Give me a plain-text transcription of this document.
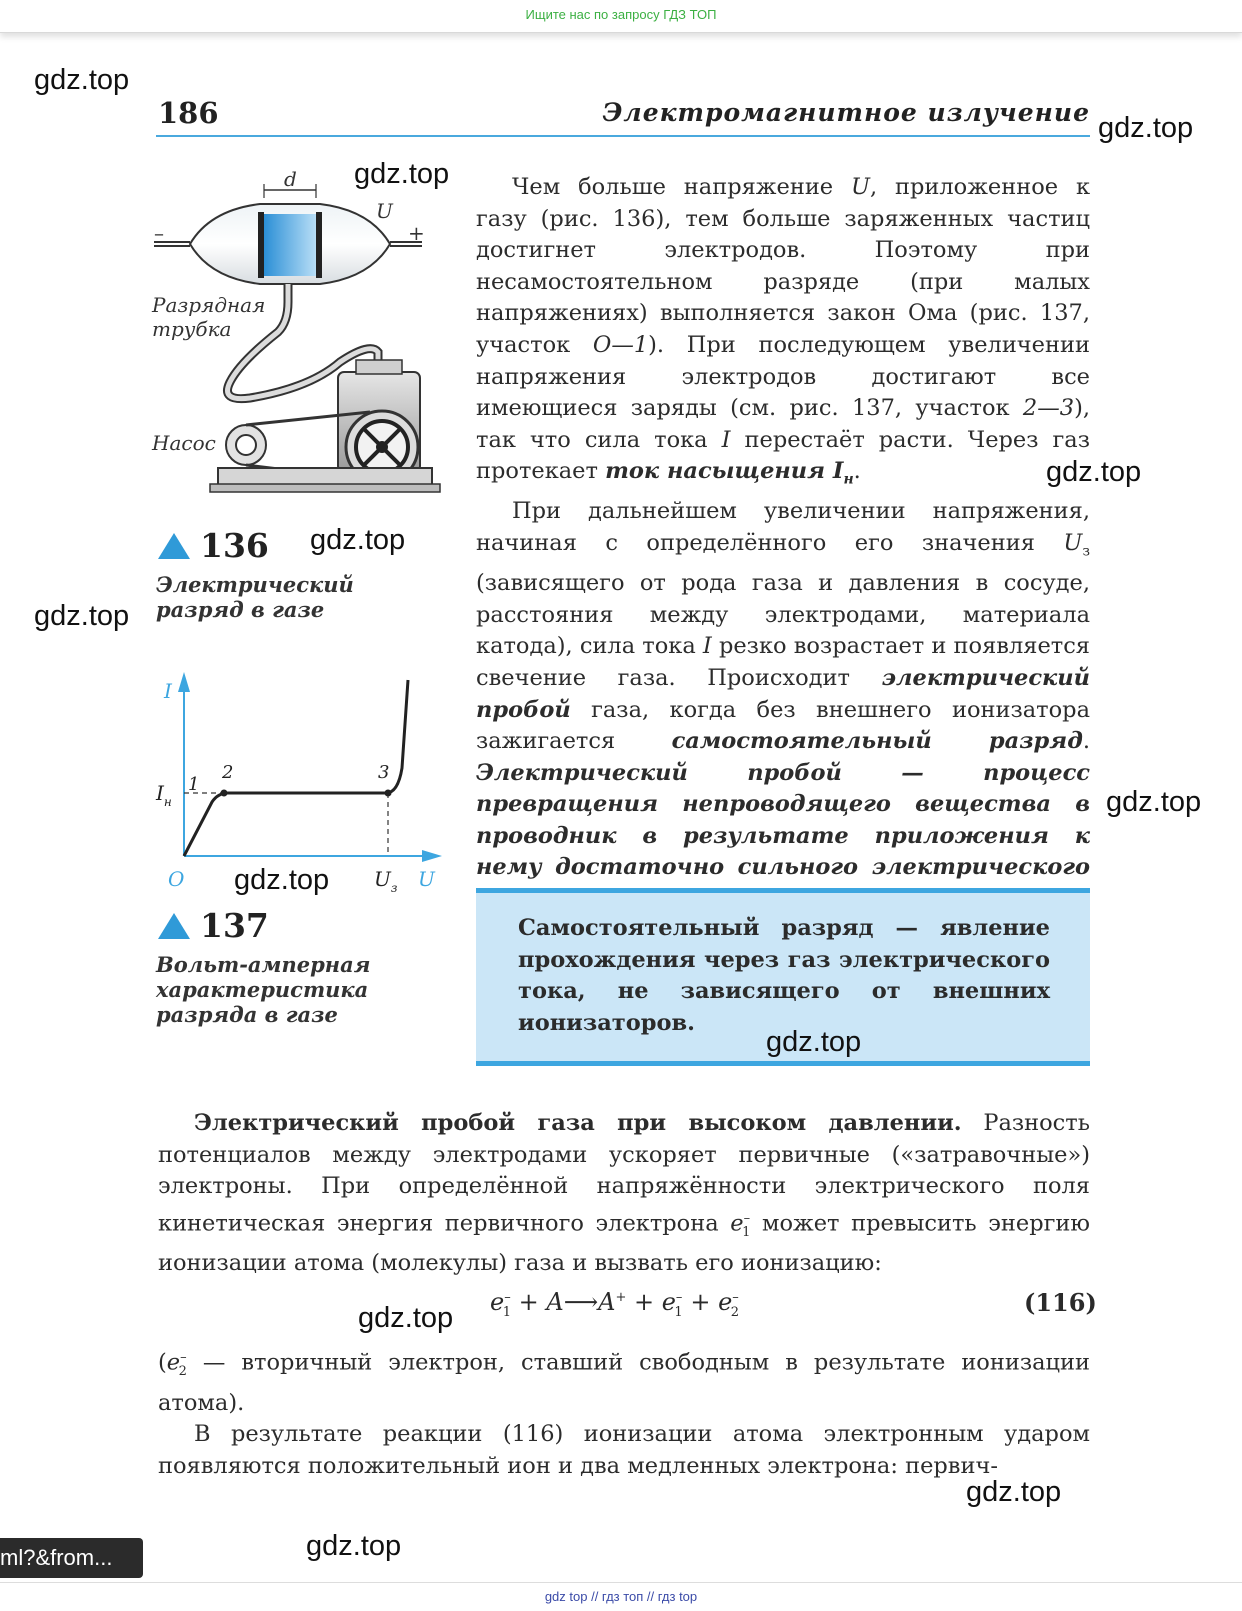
Ищите нас по запросу ГДЗ ТОП
186	Электромагнитное излучение
d
U
–	+
Разрядная
трубка
Насос
136
Электрический
разряд в газе
I
U
O
1
2	3
$I_н$
$U_з$
137
Вольт-амперная
характеристика
разряда в газе

Чем больше напряжение U, приложенное к газу (рис. 136), тем больше заряженных частиц достигнет электродов. Поэтому при несамостоятельном разряде (при малых напряжениях) выполняется закон Ома (рис. 137, участок O—1). При последующем увеличении напряжения электродов достигают все имеющиеся заряды (см. рис. 137, участок 2—3), так что сила тока I перестаёт расти. Через газ протекает ток насыщения $I_н$.

При дальнейшем увеличении напряжения, начиная с определённого его значения $U_з$ (зависящего от рода газа и давления в сосуде, расстояния между электродами, материала катода), сила тока I резко возрастает и появляется свечение газа. Происходит электрический пробой газа, когда без внешнего ионизатора зажигается самостоятельный разряд. Электрический пробой	— процесс превращения непроводящего вещества в проводник в результате приложения к нему достаточно сильного электрического

Самостоятельный разряд — явление прохождения через газ электрического тока, не зависящего от внешних ионизаторов.

Электрический пробой газа при высоком давлении. Разность потенциалов между электродами ускоряет первичные («затравочные») электроны. При определённой напряжённости электрического поля кинетическая энергия первичного электрона $e^-_1$ может превысить энергию ионизации атома (молекулы) газа и вызвать его ионизацию:

$e^-_1$ + A⟶A+ + $e^-_1 + e^-_2$	(116)

($e^-_2$ — вторичный электрон, ставший свободным в результате ионизации атома).

В результате реакции (116) ионизации атома электронным ударом появляются положительный ион и два медленных электрона: первич-

gdz.top
gdz.top
gdz.top
gdz.top
gdz.top
gdz.top
gdz.top
gdz.top
gdz.top
gdz.top
gdz.top
gdz.top
ml?&from...
gdz top // гдз топ // гдз top
